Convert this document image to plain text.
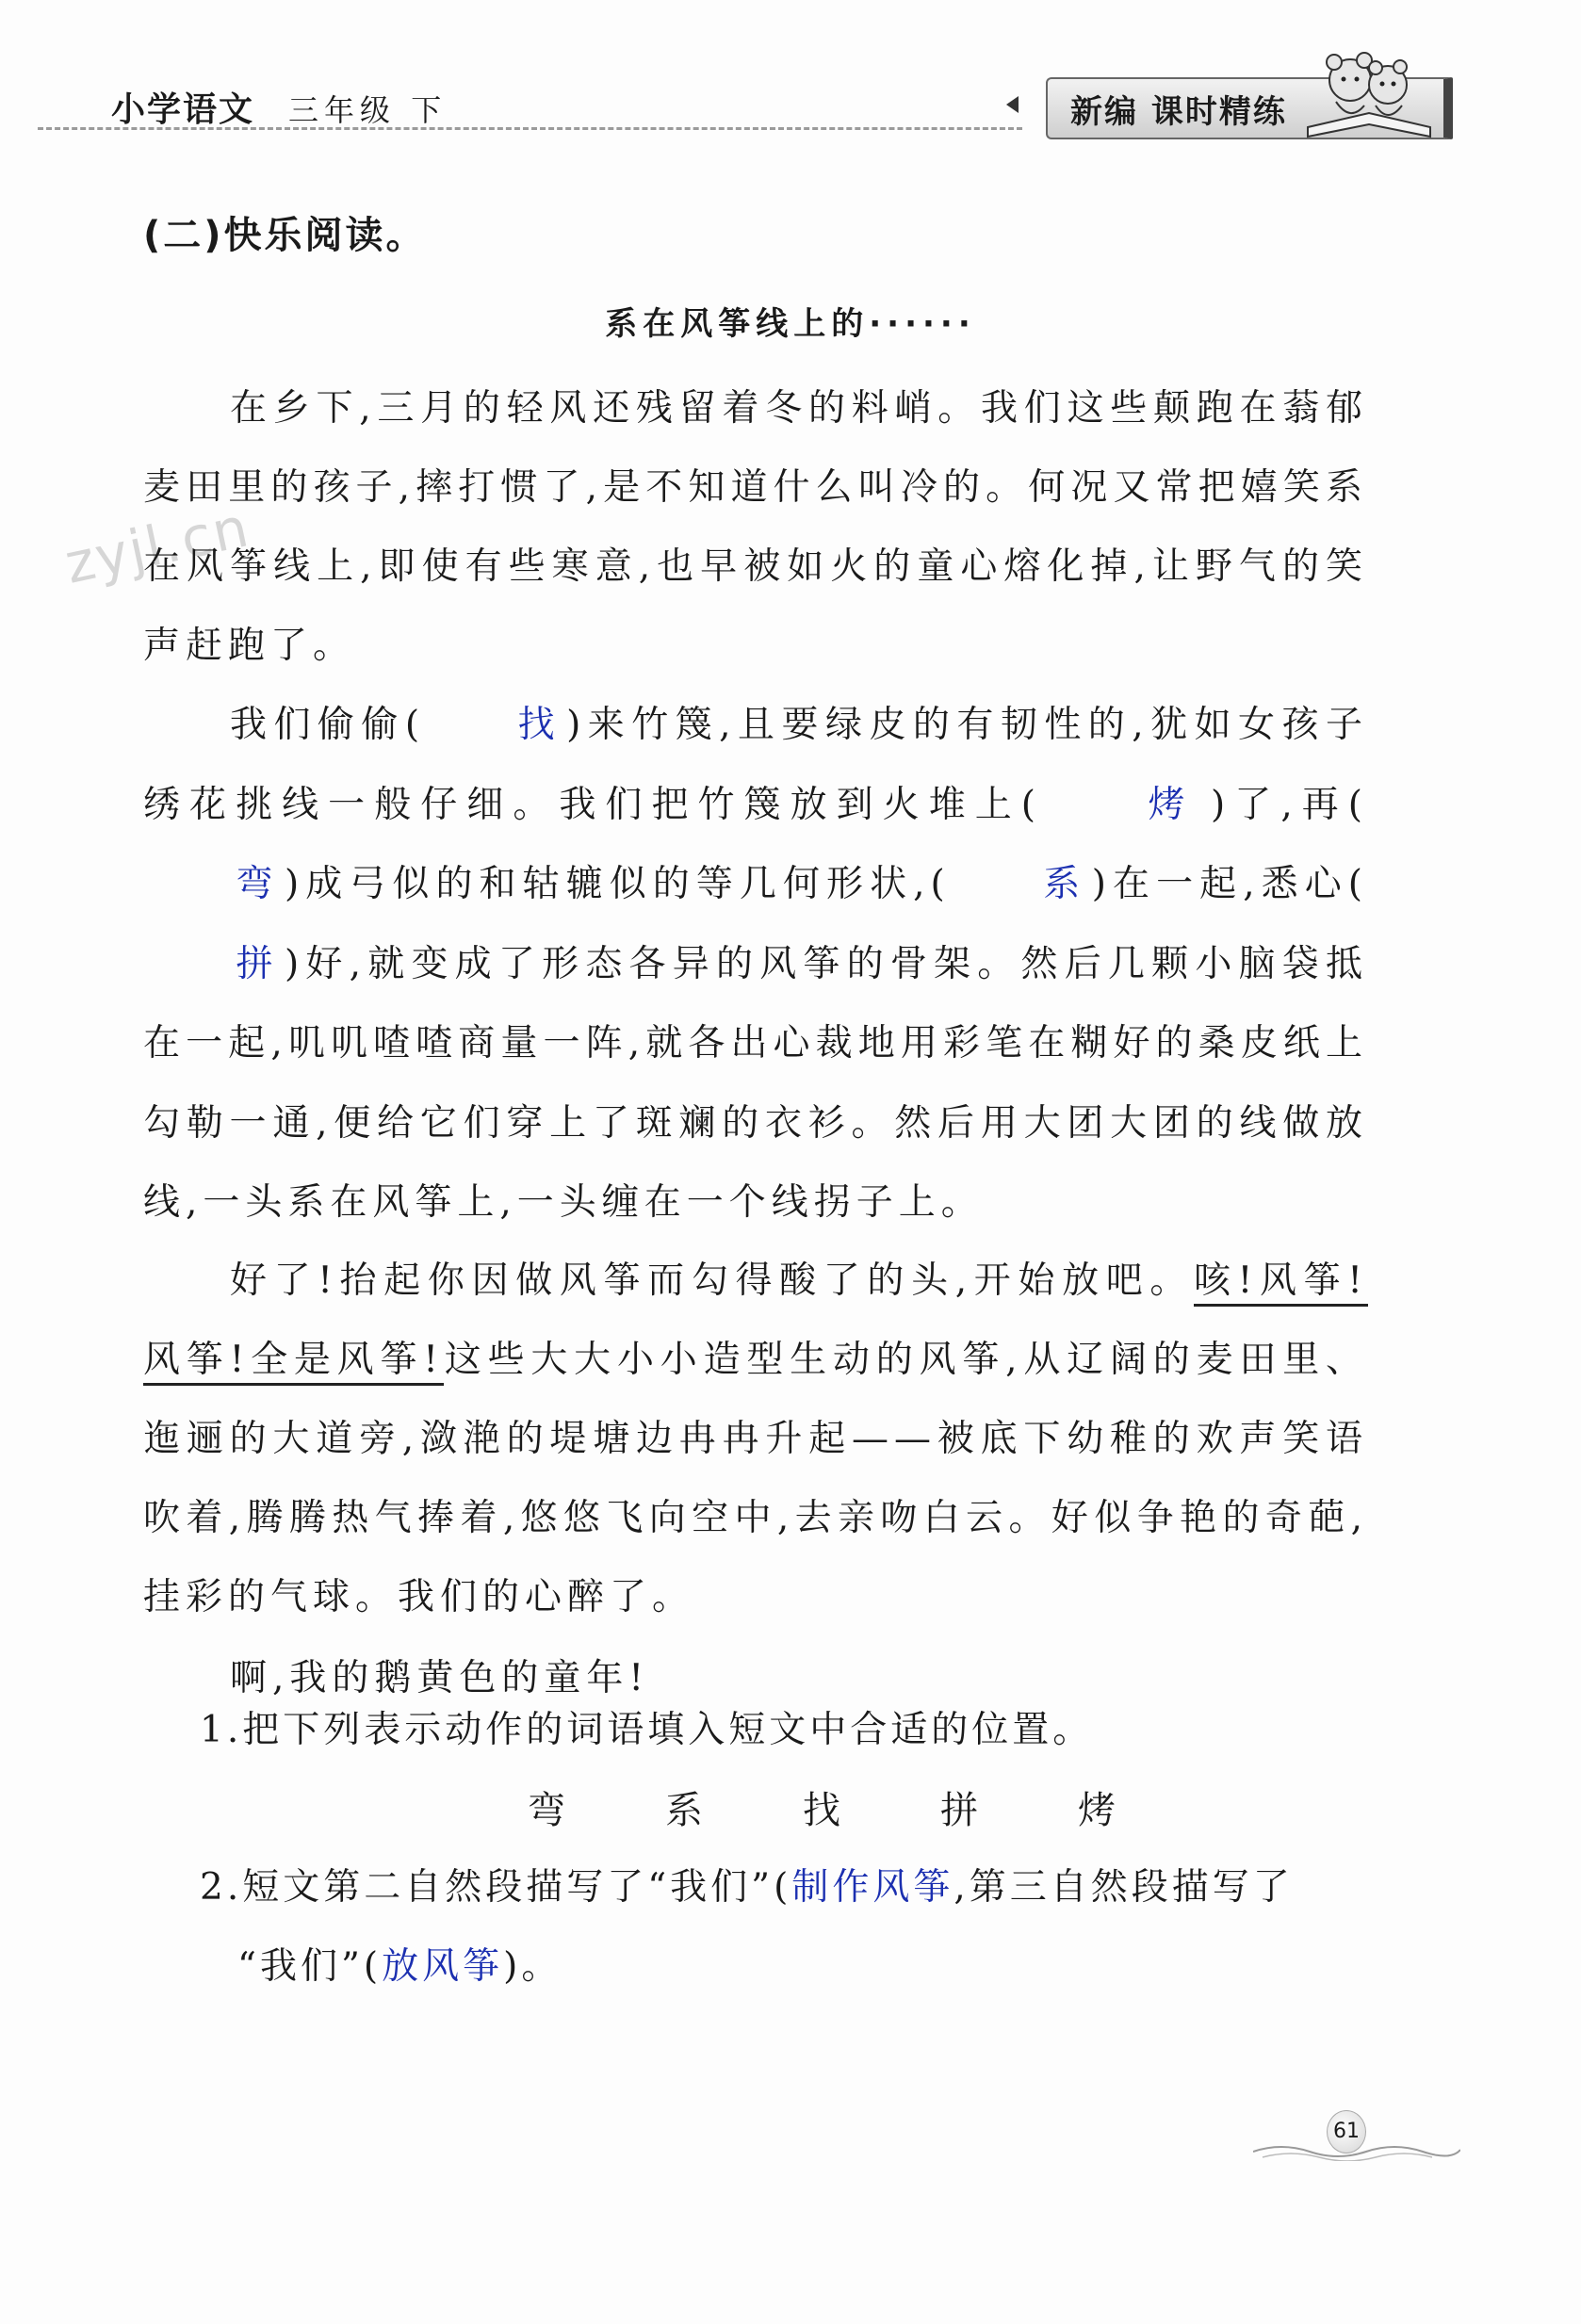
小学语文 三年级 下	新编 课时精练
zyjl.cn
(二)快乐阅读。
系在风筝线上的······

在乡下,三月的轻风还残留着冬的料峭。我们这些颠跑在蓊郁麦田里的孩子,摔打惯了,是不知道什么叫冷的。何况又常把嬉笑系在风筝线上,即使有些寒意,也早被如火的童心熔化掉,让野气的笑声赶跑了。

我们偷偷(	找 )来竹篾,且要绿皮的有韧性的,犹如女孩子绣花挑线一般仔细。我们把竹篾放到火堆上(	烤 )了,再(弯 )成弓似的和轱辘似的等几何形状,(	系 )在一起,悉心(拼 )好,就变成了形态各异的风筝的骨架。然后几颗小脑袋抵在一起,叽叽喳喳商量一阵,就各出心裁地用彩笔在糊好的桑皮纸上勾勒一通,便给它们穿上了斑斓的衣衫。然后用大团大团的线做放线,一头系在风筝上,一头缠在一个线拐子上。

好了!抬起你因做风筝而勾得酸了的头,开始放吧。咳!风筝!风筝!全是风筝!这些大大小小造型生动的风筝,从辽阔的麦田里、迤逦的大道旁,潋滟的堤塘边冉冉升起——被底下幼稚的欢声笑语吹着,腾腾热气捧着,悠悠飞向空中,去亲吻白云。好似争艳的奇葩,挂彩的气球。我们的心醉了。

啊,我的鹅黄色的童年!

1.把下列表示动作的词语填入短文中合适的位置。
弯	系	找	拼	烤
2.短文第二自然段描写了“我们”(制作风筝,第三自然段描写了
“我们”(放风筝)。
61
